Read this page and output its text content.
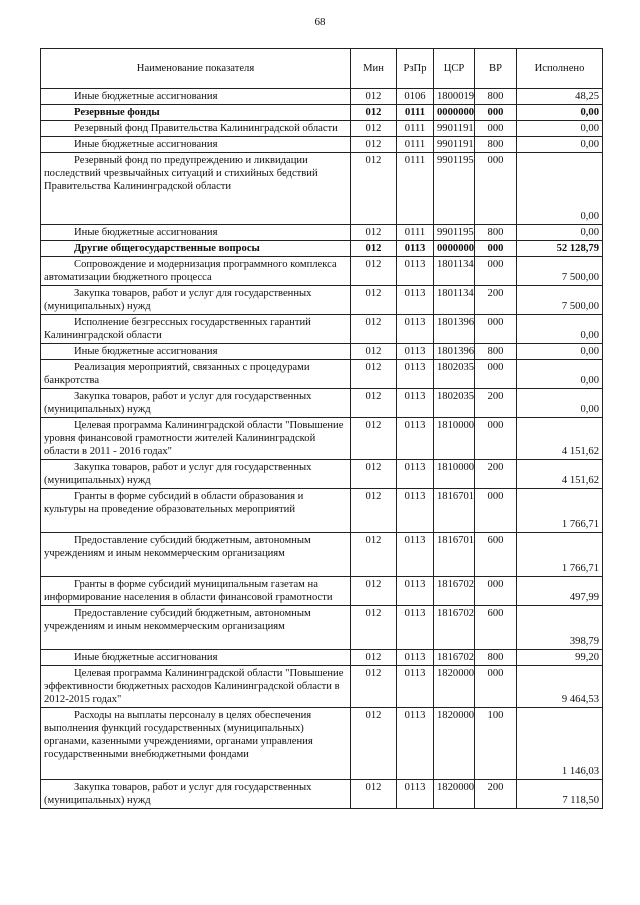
68
Наименование показателя	Мин	РзПр	ЦСР	ВР	Исполнено
Иные бюджетные ассигнования	012	0106	1800019	800	48,25
Резервные фонды	012	0111	0000000	000	0,00
Резервный фонд Правительства Калининградской области	012	0111	9901191	000	0,00
Иные бюджетные ассигнования	012	0111	9901191	800	0,00
Резервный фонд по предупреждению и ликвидации последствий чрезвычайных ситуаций и стихийных бедствий Правительства Калининградской области	012	0111	9901195	000	0,00
Иные бюджетные ассигнования	012	0111	9901195	800	0,00
Другие общегосударственные вопросы	012	0113	0000000	000	52 128,79
Сопровождение и модернизация программного комплекса автоматизации бюджетного процесса	012	0113	1801134	000	7 500,00
Закупка товаров, работ и услуг для государственных (муниципальных) нужд	012	0113	1801134	200	7 500,00
Исполнение безгрессных государственных гарантий Калининградской области	012	0113	1801396	000	0,00
Иные бюджетные ассигнования	012	0113	1801396	800	0,00
Реализация мероприятий, связанных с процедурами банкротства	012	0113	1802035	000	0,00
Закупка товаров, работ и услуг для государственных (муниципальных) нужд	012	0113	1802035	200	0,00
Целевая программа Калининградской области "Повышение уровня финансовой грамотности жителей Калининградской области в 2011 - 2016 годах"	012	0113	1810000	000	4 151,62
Закупка товаров, работ и услуг для государственных (муниципальных) нужд	012	0113	1810000	200	4 151,62
Гранты в форме субсидий в области образования и культуры на проведение образовательных мероприятий	012	0113	1816701	000	1 766,71
Предоставление субсидий бюджетным, автономным учреждениям и иным некоммерческим организациям	012	0113	1816701	600	1 766,71
Гранты в форме субсидий муниципальным газетам на информирование населения в области финансовой грамотности	012	0113	1816702	000	497,99
Предоставление субсидий бюджетным, автономным учреждениям и иным некоммерческим организациям	012	0113	1816702	600	398,79
Иные бюджетные ассигнования	012	0113	1816702	800	99,20
Целевая программа Калининградской области "Повышение эффективности бюджетных расходов Калининградской области в 2012-2015 годах"	012	0113	1820000	000	9 464,53
Расходы на выплаты персоналу в целях обеспечения выполнения функций государственных (муниципальных) органами, казенными учреждениями, органами управления государственными внебюджетными фондами	012	0113	1820000	100	1 146,03
Закупка товаров, работ и услуг для государственных (муниципальных) нужд	012	0113	1820000	200	7 118,50
